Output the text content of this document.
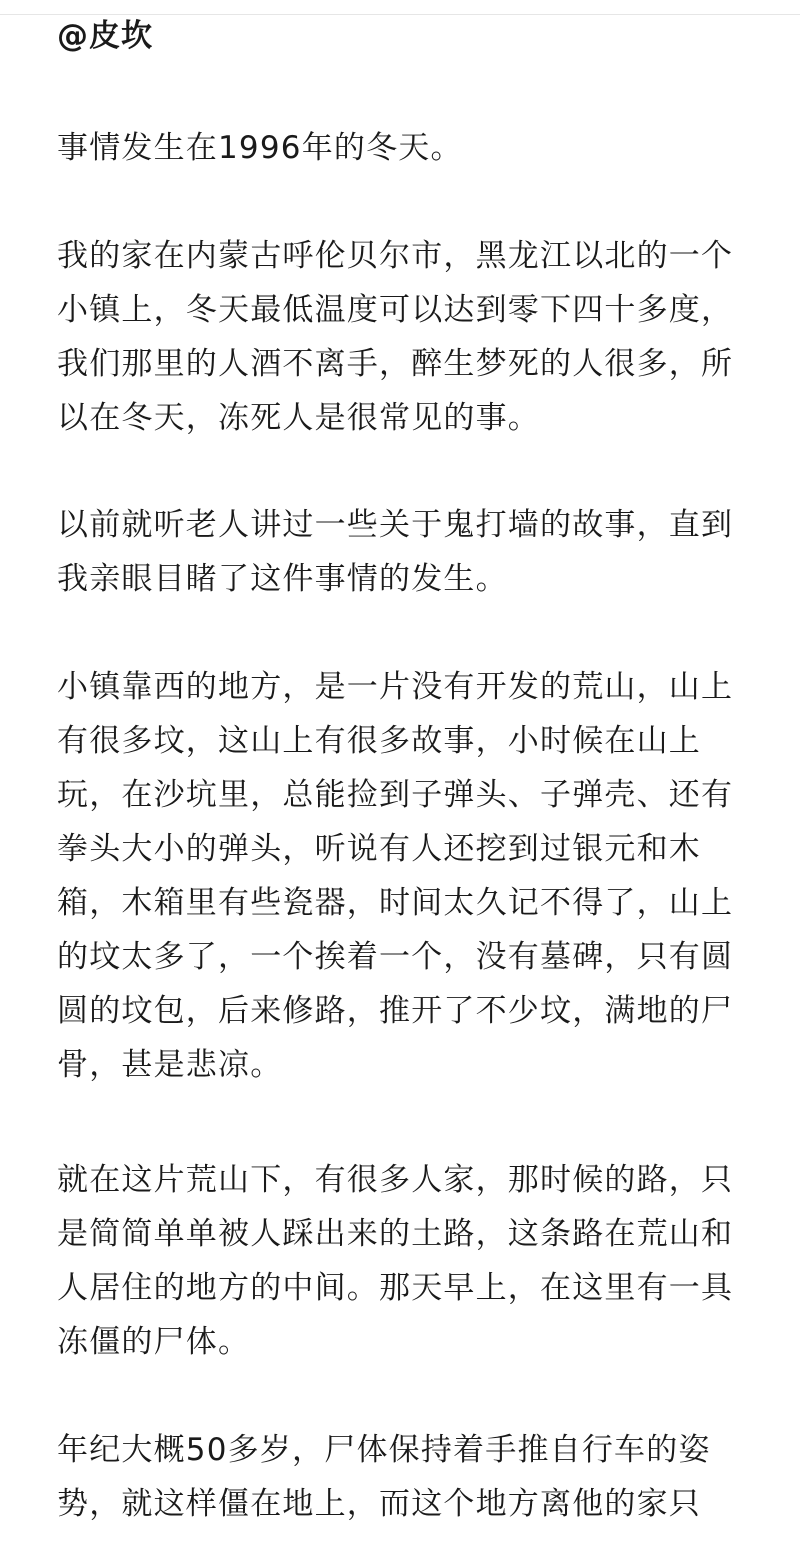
@皮坎

事情发生在1996年的冬天。

我的家在内蒙古呼伦贝尔市，黑龙江以北的一个小镇上，冬天最低温度可以达到零下四十多度，我们那里的人酒不离手，醉生梦死的人很多，所以在冬天，冻死人是很常见的事。

以前就听老人讲过一些关于鬼打墙的故事，直到我亲眼目睹了这件事情的发生。

小镇靠西的地方，是一片没有开发的荒山，山上有很多坟，这山上有很多故事，小时候在山上玩，在沙坑里，总能捡到子弹头、子弹壳、还有拳头大小的弹头，听说有人还挖到过银元和木箱，木箱里有些瓷器，时间太久记不得了，山上的坟太多了，一个挨着一个，没有墓碑，只有圆圆的坟包，后来修路，推开了不少坟，满地的尸骨，甚是悲凉。

就在这片荒山下，有很多人家，那时候的路，只是简简单单被人踩出来的土路，这条路在荒山和人居住的地方的中间。那天早上，在这里有一具冻僵的尸体。

年纪大概50多岁，尸体保持着手推自行车的姿势，就这样僵在地上，而这个地方离他的家只
